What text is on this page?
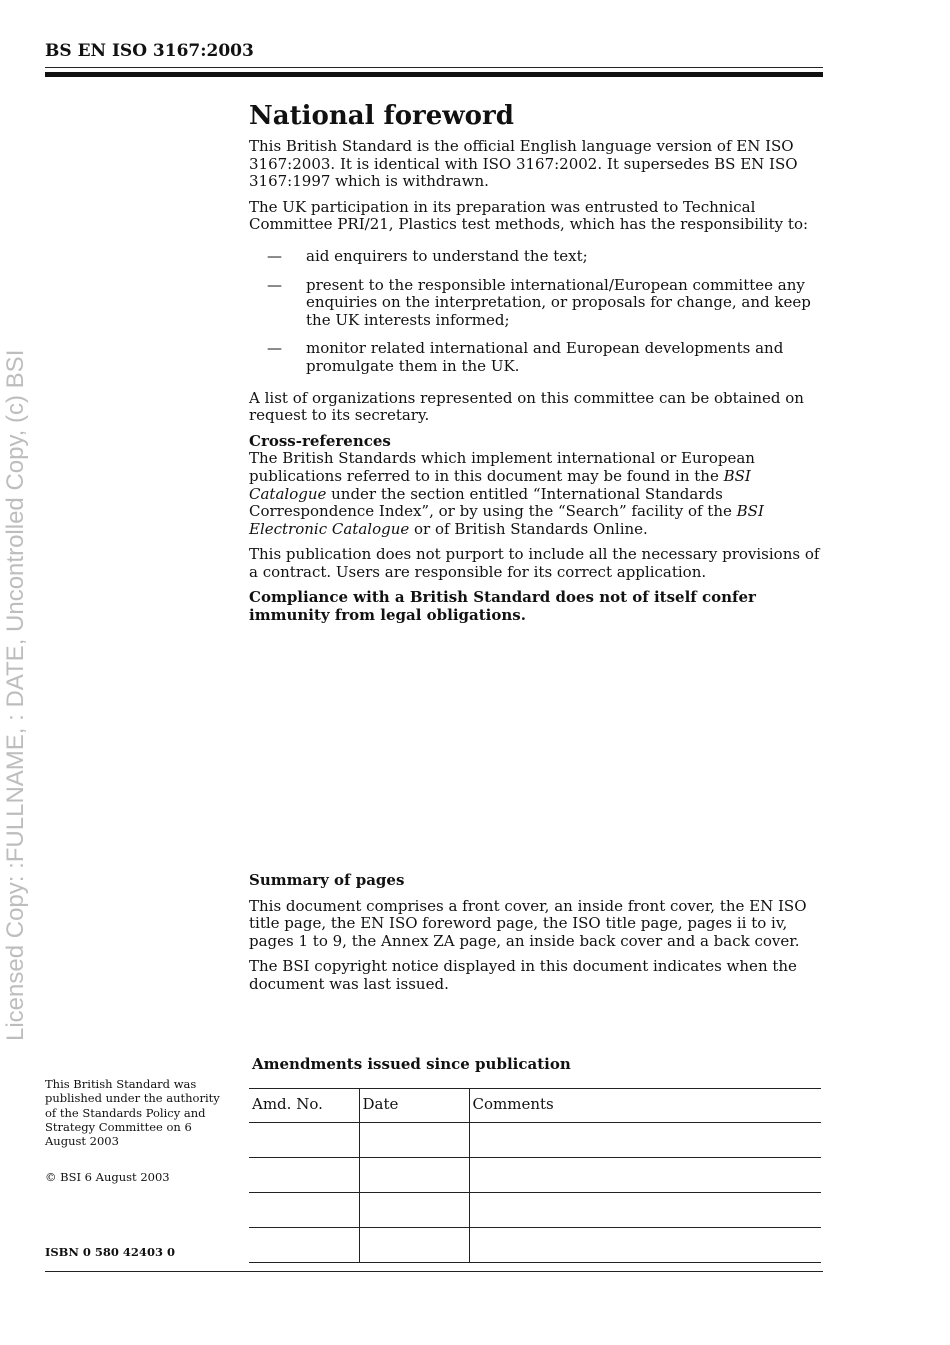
BS EN ISO 3167:2003
Licensed Copy: :FULLNAME, : DATE, Uncontrolled Copy, (c) BSI
National foreword

This British Standard is the official English language version of EN ISO 3167:2003. It is identical with ISO 3167:2002. It supersedes BS EN ISO 3167:1997 which is withdrawn.

The UK participation in its preparation was entrusted to Technical Committee PRI/21, Plastics test methods, which has the responsibility to:

—	aid enquirers to understand the text;
—	present to the responsible international/European committee any enquiries on the interpretation, or proposals for change, and keep the UK interests informed;
—	monitor related international and European developments and promulgate them in the UK.

A list of organizations represented on this committee can be obtained on request to its secretary.

Cross-references

The British Standards which implement international or European publications referred to in this document may be found in the BSI Catalogue under the section entitled “International Standards Correspondence Index”, or by using the “Search” facility of the BSI Electronic Catalogue or of British Standards Online.

This publication does not purport to include all the necessary provisions of a contract. Users are responsible for its correct application.

Compliance with a British Standard does not of itself confer immunity from legal obligations.

Summary of pages

This document comprises a front cover, an inside front cover, the EN ISO title page, the EN ISO foreword page, the ISO title page, pages ii to iv, pages 1 to 9, the Annex ZA page, an inside back cover and a back cover.

The BSI copyright notice displayed in this document indicates when the document was last issued.

This British Standard was published under the authority of the Standards Policy and Strategy Committee on 6 August 2003
© BSI 6 August 2003
ISBN 0 580 42403 0
Amendments issued since publication
Amd. No.	Date	Comments
